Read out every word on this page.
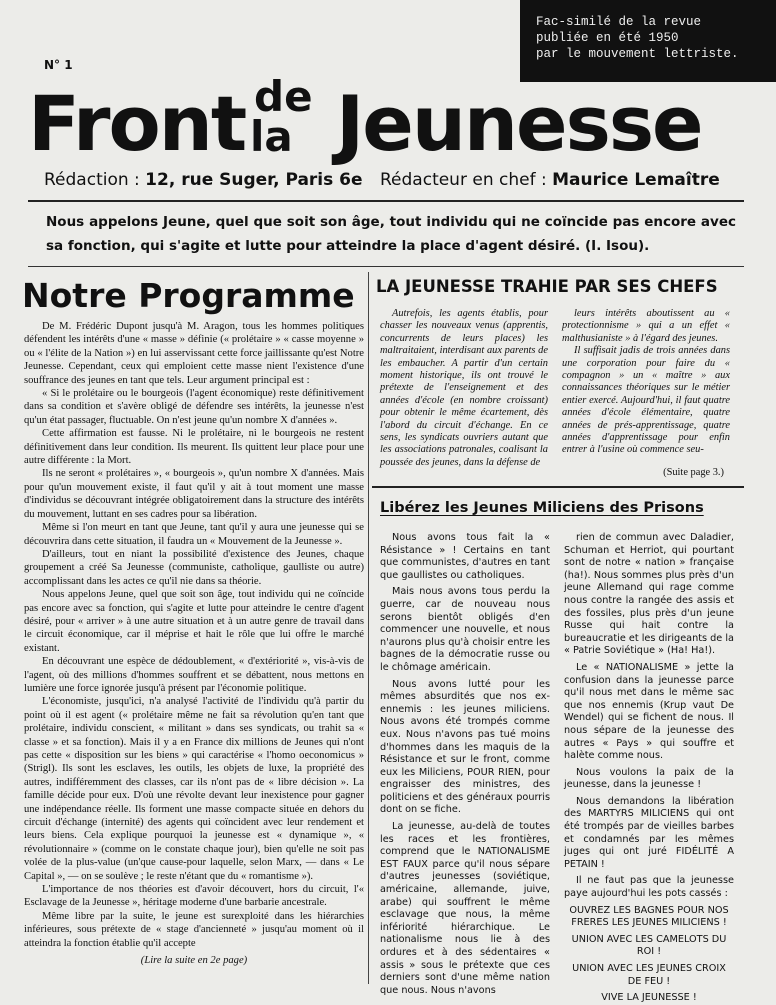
Fac-similé de la revue
publiée en été 1950
par le mouvement lettriste.
N° 1
Front de
la Jeunesse
Rédaction : 12, rue Suger, Paris 6e Rédacteur en chef : Maurice Lemaître
Nous appelons Jeune, quel que soit son âge, tout individu qui ne coïncide pas encore avec sa fonction, qui s'agite et lutte pour atteindre la place d'agent désiré. (I. Isou).
Notre Programme

De M. Frédéric Dupont jusqu'à M. Aragon, tous les hommes politiques défendent les intérêts d'une « masse » définie (« prolétaire » « casse moyenne » ou « l'élite de la Nation ») en lui asservissant cette force jaillissante qu'est Notre Jeunesse. Cependant, ceux qui emploient cette masse nient l'existence d'une souffrance des jeunes en tant que tels. Leur argument principal est :

« Si le prolétaire ou le bourgeois (l'agent économique) reste définitivement dans sa condition et s'avère obligé de défendre ses intérêts, la jeunesse n'est qu'un état passager, fluctuable. On n'est jeune qu'un nombre X d'années ».

Cette affirmation est fausse. Ni le prolétaire, ni le bourgeois ne restent définitivement dans leur condition. Ils meurent. Ils quittent leur place pour une autre différente : la Mort.

Ils ne seront « prolétaires », « bourgeois », qu'un nombre X d'années. Mais pour qu'un mouvement existe, il faut qu'il y ait à tout moment une masse d'individus se découvrant intégrée obligatoirement dans la structure des intérêts du mouvement, luttant en ses cadres pour sa libération.

Même si l'on meurt en tant que Jeune, tant qu'il y aura une jeunesse qui se découvrira dans cette situation, il faudra un « Mouvement de la Jeunesse ».

D'ailleurs, tout en niant la possibilité d'existence des Jeunes, chaque groupement a créé Sa Jeunesse (communiste, catholique, gaulliste ou autre) accomplissant dans les actes ce qu'il nie dans sa théorie.

Nous appelons Jeune, quel que soit son âge, tout individu qui ne coïncide pas encore avec sa fonction, qui s'agite et lutte pour atteindre le centre d'agent désiré, pour « arriver » à une autre situation et à un autre genre de travail dans le circuit économique, car il méprise et hait le rôle que lui offre le marché existant.

En découvrant une espèce de dédoublement, « d'extériorité », vis-à-vis de l'agent, où des millions d'hommes souffrent et se débattent, nous mettons en lumière une force ignorée jusqu'à présent par l'économie politique.

L'économiste, jusqu'ici, n'a analysé l'activité de l'individu qu'à partir du point où il est agent (« prolétaire même ne fait sa révolution qu'en tant que prolétaire, individu conscient, « militant » dans ses syndicats, ou trahit sa « classe » et sa fonction). Mais il y a en France dix millions de Jeunes qui n'ont pas cette « disposition sur les biens » qui caractérise « l'homo oeconomicus » (Strigl). Ils sont les esclaves, les outils, les objets de luxe, la propriété des autres, indifféremment des classes, car ils n'ont pas de « libre décision ». La famille décide pour eux. D'où une révolte devant leur inexistence pour gagner une indépendance réelle. Ils forment une masse compacte située en dehors du circuit d'échange (internité) des agents qui coïncident avec leur rendement et leurs biens. Cela explique pourquoi la jeunesse est « dynamique », « révolutionnaire » (comme on le constate chaque jour), bien qu'elle ne soit pas volée de la plus-value (un'que cause-pour laquelle, selon Marx, — dans « Le Capital », — on se soulève ; le reste n'étant que du « romantisme »).

L'importance de nos théories est d'avoir découvert, hors du circuit, l'« Esclavage de la Jeunesse », héritage moderne d'une barbarie ancestrale.

Même libre par la suite, le jeune est surexploité dans les hiérarchies inférieures, sous prétexte de « stage d'ancienneté » jusqu'au moment où il atteindra la fonction établie qu'il accepte

(Lire la suite en 2e page)

LA JEUNESSE TRAHIE PAR SES CHEFS

Autrefois, les agents établis, pour chasser les nouveaux venus (apprentis, concurrents de leurs places) les maltraitaient, interdisant aux parents de les embaucher. A partir d'un certain moment historique, ils ont trouvé le prétexte de l'enseignement et des années d'école (en nombre croissant) pour obtenir le même écartement, dès l'abord du circuit d'échange. En ce sens, les syndicats ouvriers autant que les associations patronales, coalisant la poussée des jeunes, dans la défense de

leurs intérêts aboutissent au « protectionnisme » qui a un effet « malthusianiste » à l'égard des jeunes.

Il suffisait jadis de trois années dans une corporation pour faire du « compagnon » un « maître » aux connaissances théoriques sur le métier entier exercé. Aujourd'hui, il faut quatre années d'école élémentaire, quatre années de prés-apprentissage, quatre années d'apprentissage pour enfin entrer à l'usine où commence seu-

(Suite page 3.)
Libérez les Jeunes Miliciens des Prisons

Nous avons tous fait la « Résistance » ! Certains en tant que communistes, d'autres en tant que gaullistes ou catholiques.

Mais nous avons tous perdu la guerre, car de nouveau nous serons bientôt obligés d'en commencer une nouvelle, et nous n'aurons plus qu'à choisir entre les bagnes de la démocratie russe ou le chômage américain.

Nous avons lutté pour les mêmes absurdités que nos ex-ennemis : les jeunes miliciens. Nous avons été trompés comme eux. Nous n'avons pas tué moins d'hommes dans les maquis de la Résistance et sur le front, comme eux les Miliciens, POUR RIEN, pour engraisser des ministres, des politiciens et des généraux pourris dont on se fiche.

La jeunesse, au-delà de toutes les races et les frontières, comprend que le NATIONALISME EST FAUX parce qu'il nous sépare d'autres jeunesses (soviétique, américaine, allemande, juive, arabe) qui souffrent le même esclavage que nous, la même infériorité hiérarchique. Le nationalisme nous lie à des ordures et à des sédentaires « assis » sous le prétexte que ces derniers sont d'une même nation que nous. Nous n'avons

rien de commun avec Daladier, Schuman et Herriot, qui pourtant sont de notre « nation » française (ha!). Nous sommes plus près d'un jeune Allemand qui rage comme nous contre la rangée des assis et des fossiles, plus près d'un jeune Russe qui hait contre la bureaucratie et les dirigeants de la « Patrie Soviétique » (Ha! Ha!).

Le « NATIONALISME » jette la confusion dans la jeunesse parce qu'il nous met dans le même sac que nos ennemis (Krup vaut De Wendel) qui se fichent de nous. Il nous sépare de la jeunesse des autres « Pays » qui souffre et halète comme nous.

Nous voulons la paix de la jeunesse, dans la jeunesse !

Nous demandons la libération des MARTYRS MILICIENS qui ont été trompés par de vieilles barbes et condamnés par les mêmes juges qui ont juré FIDÉLITÉ A PETAIN !

Il ne faut pas que la jeunesse paye aujourd'hui les pots cassés :

OUVREZ LES BAGNES POUR NOS FRERES LES JEUNES MILICIENS !
UNION AVEC LES CAMELOTS DU ROI !
UNION AVEC LES JEUNES CROIX DE FEU !
VIVE LA JEUNESSE !
